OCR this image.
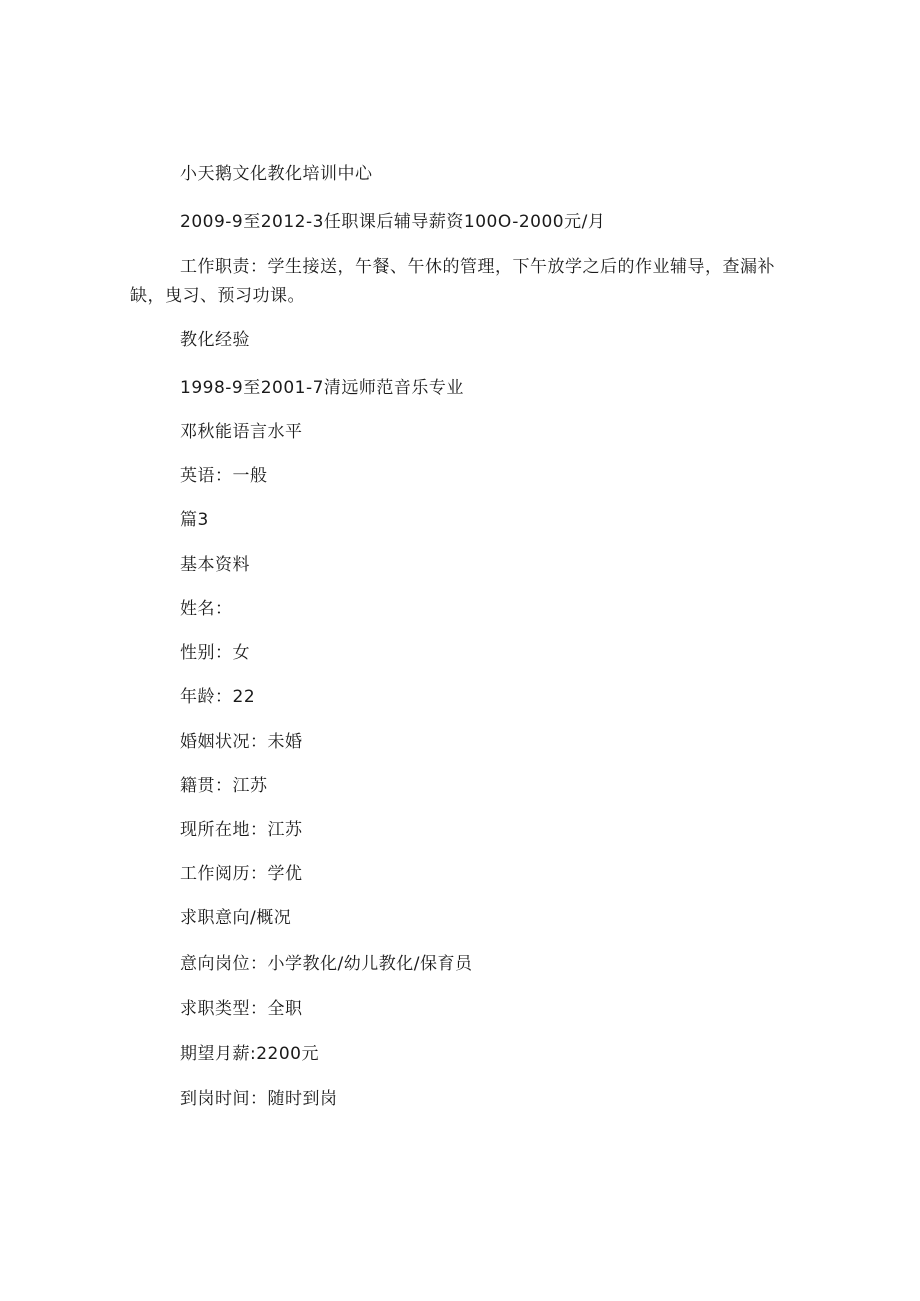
小天鹅文化教化培训中心
2009-9至2012-3任职课后辅导薪资100O-2000元/月
工作职责：学生接送，午餐、午休的管理，下午放学之后的作业辅导，查漏补缺，曳习、预习功课。
教化经验
1998-9至2001-7清远师范音乐专业
邓秋能语言水平
英语：一般
篇3
基本资料
姓名：
性别：女
年龄：22
婚姻状况：未婚
籍贯：江苏
现所在地：江苏
工作阅历：学优
求职意向/概况
意向岗位：小学教化/幼儿教化/保育员
求职类型：全职
期望月薪:2200元
到岗时间：随时到岗
